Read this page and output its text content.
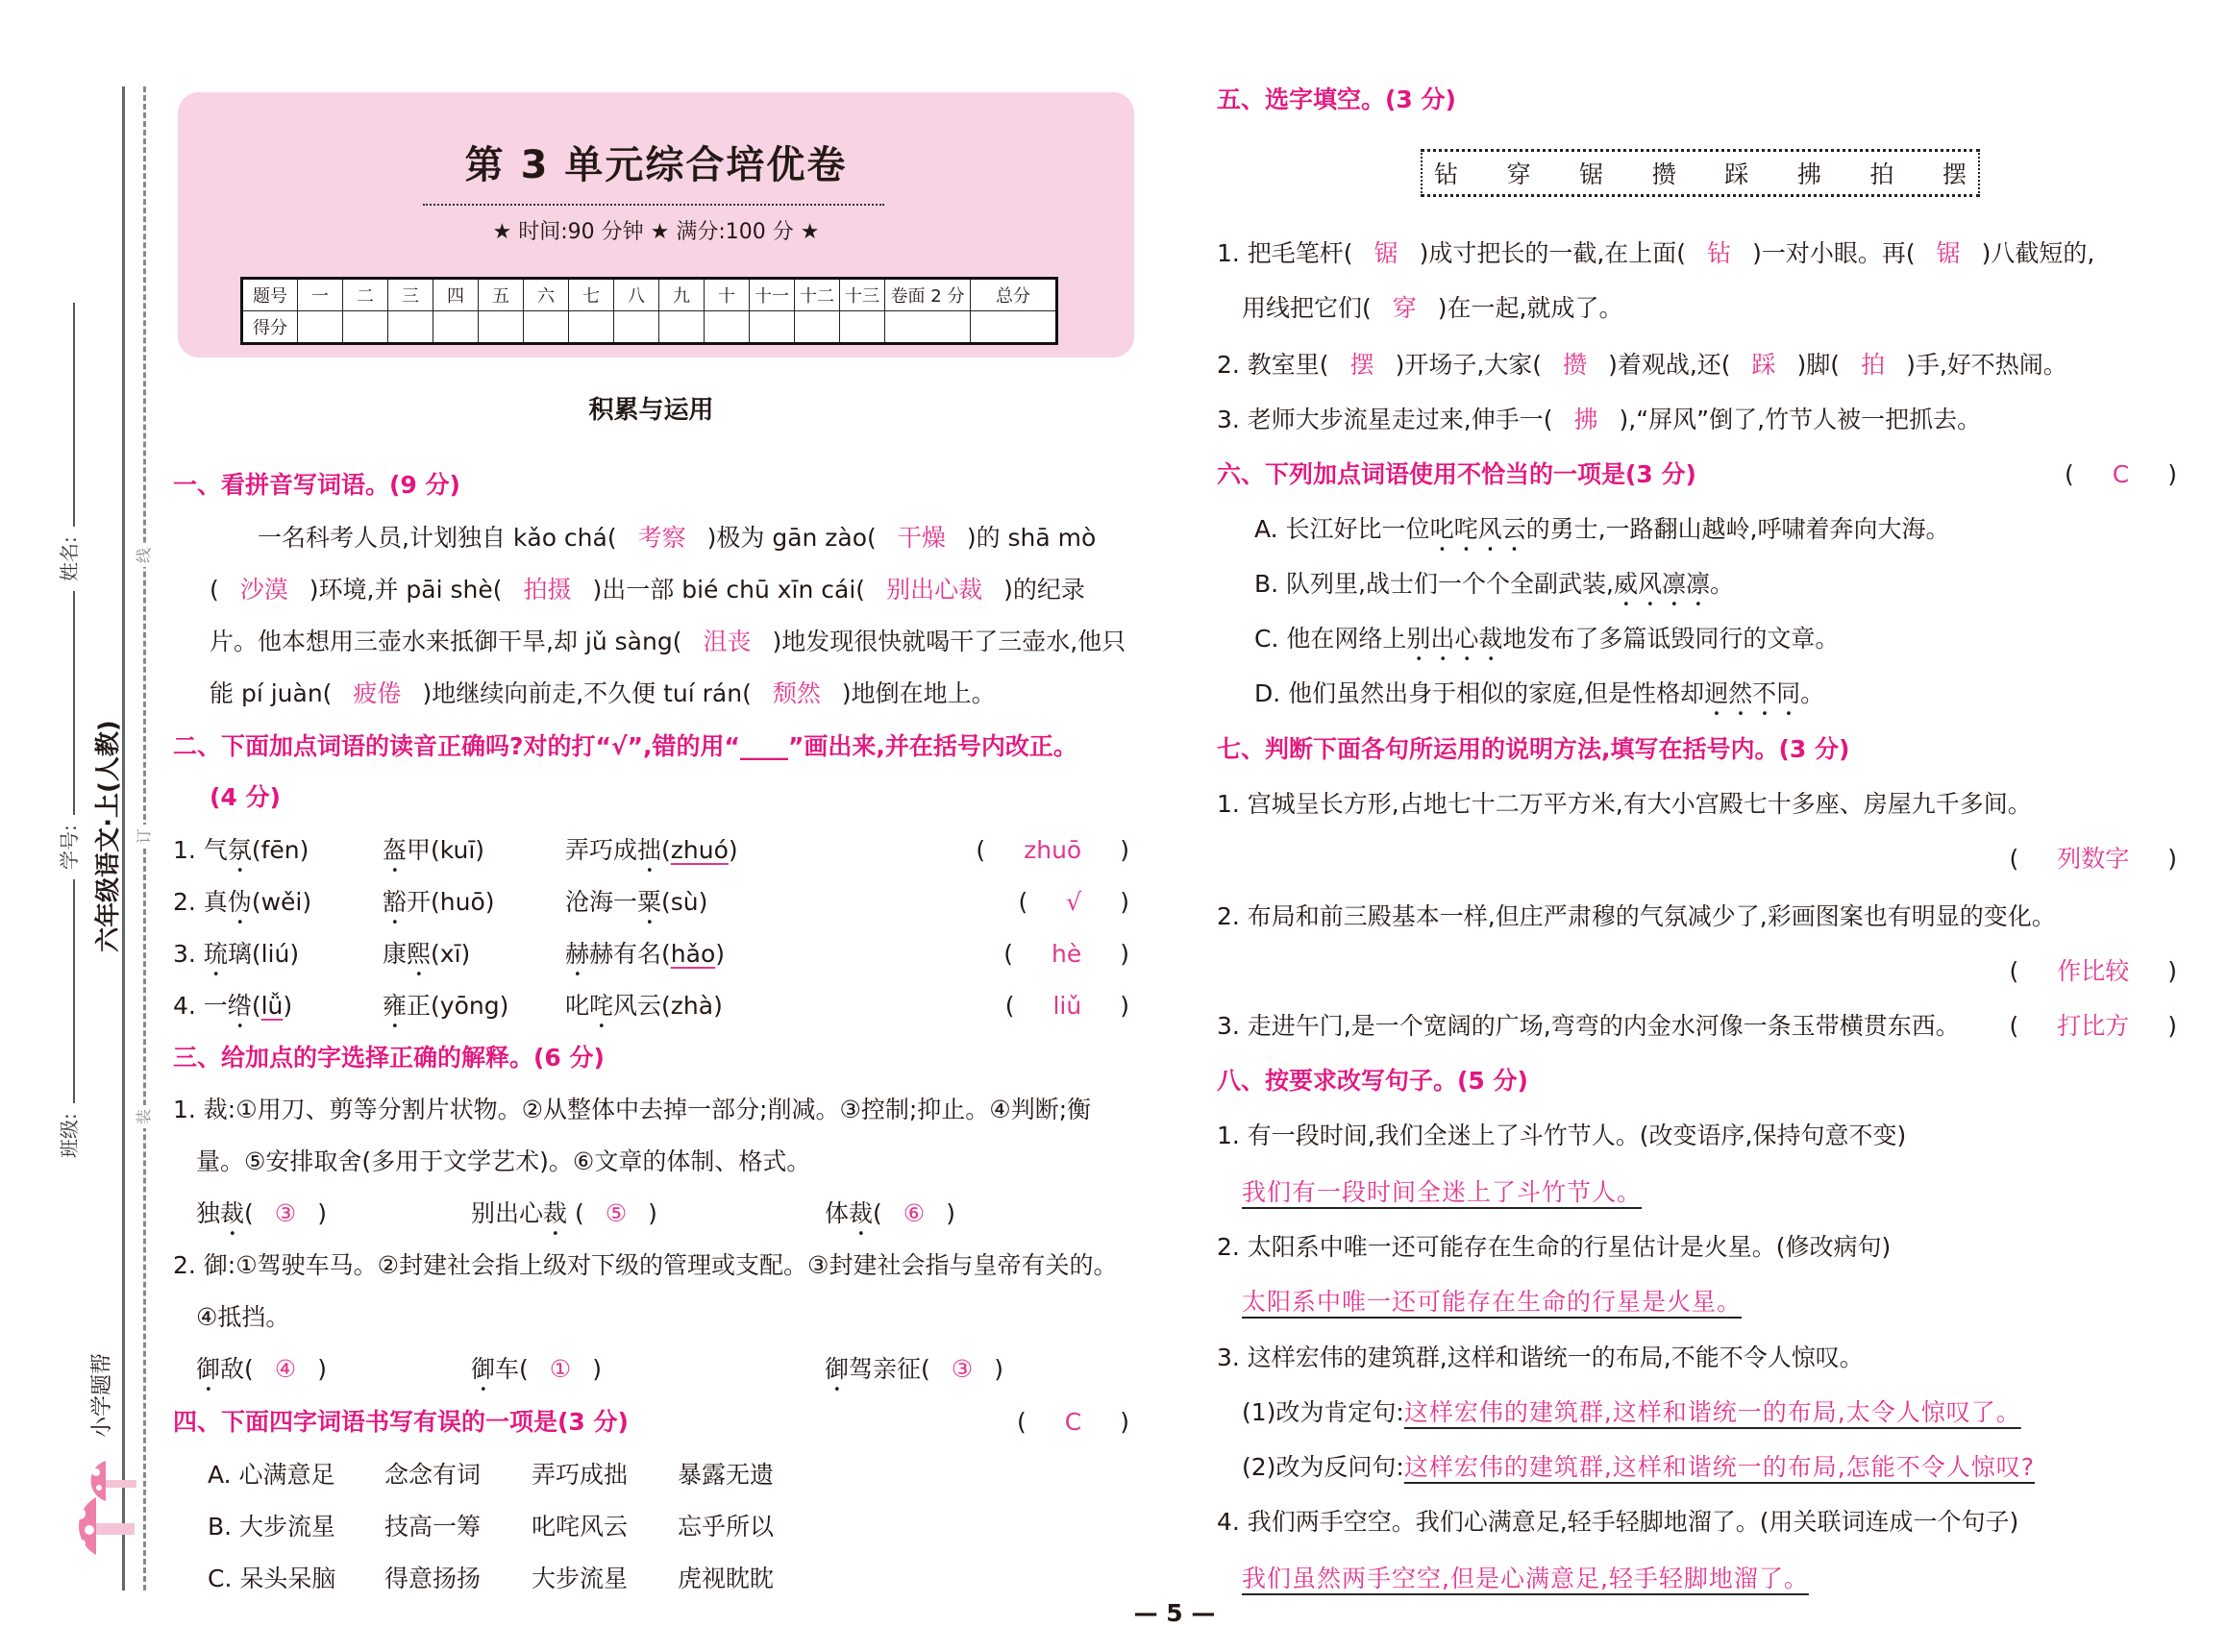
班级:
学号:
姓名:
六年级语文·上(人教)
装
订
线
小学题帮
第 3 单元综合培优卷
★ 时间:90 分钟 ★ 满分:100 分 ★
题号	一	二	三	四	五	六	七	八	九	十	十一	十二	十三	卷面 2 分	总分
得分															
积累与运用
一、看拼音写词语。(9 分)
一名科考人员,计划独自 kǎo chá( 考察 )极为 gān zào( 干燥 )的 shā mò
( 沙漠 )环境,并 pāi shè( 拍摄 )出一部 bié chū xīn cái( 别出心裁 )的纪录
片。他本想用三壶水来抵御干旱,却 jǔ sàng( 沮丧 )地发现很快就喝干了三壶水,他只
能 pí juàn( 疲倦 )地继续向前走,不久便 tuí rán( 颓然 )地倒在地上。
二、下面加点词语的读音正确吗?对的打“√”,错的用“____”画出来,并在括号内改正。
(4 分)
1. 气氛(fēn)	盔甲(kuī)	弄巧成拙(zhuó)	( zhuō )
2. 真伪(wěi)	豁开(huō)	沧海一粟(sù)	( √ )
3. 琉璃(liú)	康熙(xī)	赫赫有名(hǎo)	( hè )
4. 一绺(lǚ)	雍正(yōng) 叱咤风云(zhà)	( liǔ )
三、给加点的字选择正确的解释。(6 分)
1. 裁:①用刀、剪等分割片状物。②从整体中去掉一部分;削减。③控制;抑止。④判断;衡
量。⑤安排取舍(多用于文学艺术)。⑥文章的体制、格式。
独裁( ③ )	别出心裁 ( ⑤ )	体裁( ⑥ )
2. 御:①驾驶车马。②封建社会指上级对下级的管理或支配。③封建社会指与皇帝有关的。
④抵挡。
御敌( ④ )	御车( ① )	御驾亲征( ③ )
四、下面四字词语书写有误的一项是(3 分)	( C )
A. 心满意足 念念有词 弄巧成拙 暴露无遗
B. 大步流星 技高一筹 叱咤风云 忘乎所以
C. 呆头呆脑 得意扬扬 大步流星 虎视眈眈
五、选字填空。(3 分)
钻 穿 锯 攒 踩 拂 拍 摆
1. 把毛笔杆( 锯 )成寸把长的一截,在上面( 钻 )一对小眼。再( 锯 )八截短的,
用线把它们( 穿 )在一起,就成了。
2. 教室里( 摆 )开场子,大家( 攒 )着观战,还( 踩 )脚( 拍 )手,好不热闹。
3. 老师大步流星走过来,伸手一( 拂 ),“屏风”倒了,竹节人被一把抓去。
六、下列加点词语使用不恰当的一项是(3 分)	( C )
A. 长江好比一位叱咤风云的勇士,一路翻山越岭,呼啸着奔向大海。
B. 队列里,战士们一个个全副武装,威风凛凛。
C. 他在网络上别出心裁地发布了多篇诋毁同行的文章。
D. 他们虽然出身于相似的家庭,但是性格却迥然不同。
七、判断下面各句所运用的说明方法,填写在括号内。(3 分)
1. 宫城呈长方形,占地七十二万平方米,有大小宫殿七十多座、房屋九千多间。
( 列数字 )
2. 布局和前三殿基本一样,但庄严肃穆的气氛减少了,彩画图案也有明显的变化。
( 作比较 )
3. 走进午门,是一个宽阔的广场,弯弯的内金水河像一条玉带横贯东西。 ( 打比方 )
八、按要求改写句子。(5 分)
1. 有一段时间,我们全迷上了斗竹节人。(改变语序,保持句意不变)
我们有一段时间全迷上了斗竹节人。
2. 太阳系中唯一还可能存在生命的行星估计是火星。(修改病句)
太阳系中唯一还可能存在生命的行星是火星。
3. 这样宏伟的建筑群,这样和谐统一的布局,不能不令人惊叹。
(1)改为肯定句:这样宏伟的建筑群,这样和谐统一的布局,太令人惊叹了。
(2)改为反问句:这样宏伟的建筑群,这样和谐统一的布局,怎能不令人惊叹?
4. 我们两手空空。我们心满意足,轻手轻脚地溜了。(用关联词连成一个句子)
我们虽然两手空空,但是心满意足,轻手轻脚地溜了。
— 5 —
